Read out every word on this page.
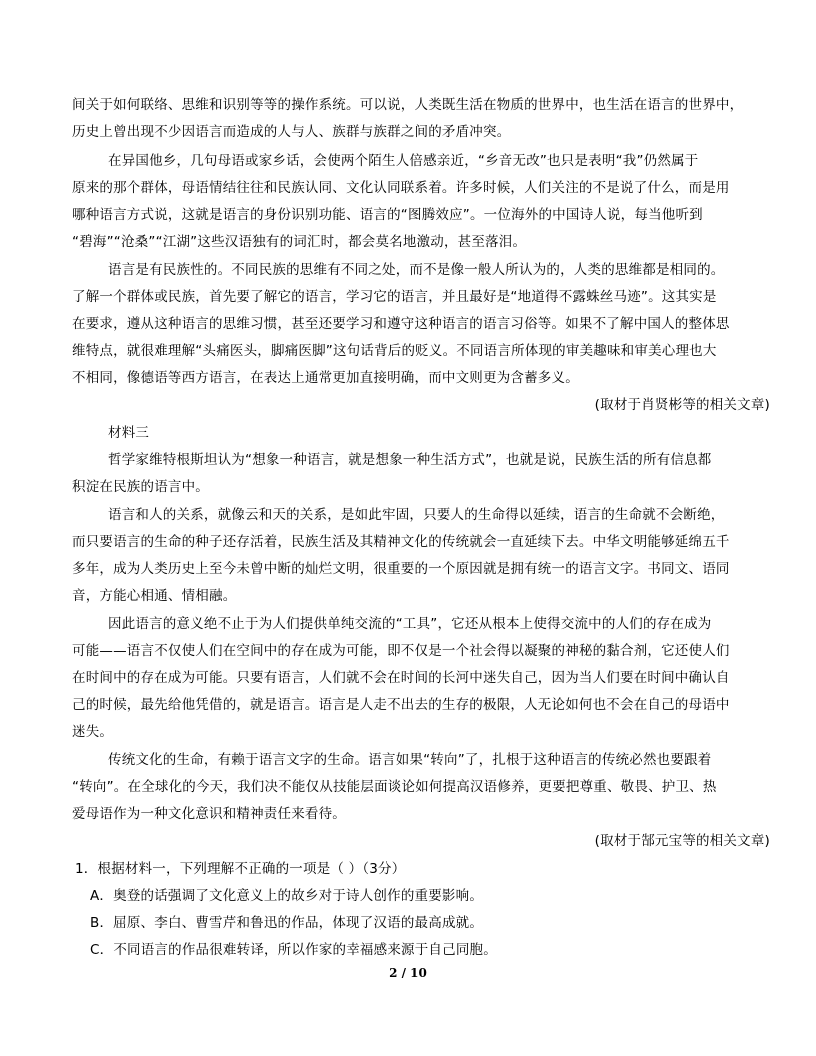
间关于如何联络、思维和识别等等的操作系统。可以说，人类既生活在物质的世界中，也生活在语言的世界中，
历史上曾出现不少因语言而造成的人与人、族群与族群之间的矛盾冲突。
在异国他乡，几句母语或家乡话，会使两个陌生人倍感亲近，“乡音无改”也只是表明“我”仍然属于
原来的那个群体，母语情结往往和民族认同、文化认同联系着。许多时候，人们关注的不是说了什么，而是用
哪种语言方式说，这就是语言的身份识别功能、语言的“图腾效应”。一位海外的中国诗人说，每当他听到
“碧海”“沧桑”“江湖”这些汉语独有的词汇时，都会莫名地激动，甚至落泪。
语言是有民族性的。不同民族的思维有不同之处，而不是像一般人所认为的，人类的思维都是相同的。
了解一个群体或民族，首先要了解它的语言，学习它的语言，并且最好是“地道得不露蛛丝马迹”。这其实是
在要求，遵从这种语言的思维习惯，甚至还要学习和遵守这种语言的语言习俗等。如果不了解中国人的整体思
维特点，就很难理解“头痛医头，脚痛医脚”这句话背后的贬义。不同语言所体现的审美趣味和审美心理也大
不相同，像德语等西方语言，在表达上通常更加直接明确，而中文则更为含蓄多义。
(取材于肖贤彬等的相关文章)
材料三
哲学家维特根斯坦认为“想象一种语言，就是想象一种生活方式”，也就是说，民族生活的所有信息都
积淀在民族的语言中。
语言和人的关系，就像云和天的关系，是如此牢固，只要人的生命得以延续，语言的生命就不会断绝，
而只要语言的生命的种子还存活着，民族生活及其精神文化的传统就会一直延续下去。中华文明能够延绵五千
多年，成为人类历史上至今未曾中断的灿烂文明，很重要的一个原因就是拥有统一的语言文字。书同文、语同
音，方能心相通、情相融。
因此语言的意义绝不止于为人们提供单纯交流的“工具”，它还从根本上使得交流中的人们的存在成为
可能——语言不仅使人们在空间中的存在成为可能，即不仅是一个社会得以凝聚的神秘的黏合剂，它还使人们
在时间中的存在成为可能。只要有语言，人们就不会在时间的长河中迷失自己，因为当人们要在时间中确认自
己的时候，最先给他凭借的，就是语言。语言是人走不出去的生存的极限，人无论如何也不会在自己的母语中
迷失。
传统文化的生命，有赖于语言文字的生命。语言如果“转向”了，扎根于这种语言的传统必然也要跟着
“转向”。在全球化的今天，我们决不能仅从技能层面谈论如何提高汉语修养，更要把尊重、敬畏、护卫、热
爱母语作为一种文化意识和精神责任来看待。
(取材于郜元宝等的相关文章)
1．根据材料一，下列理解不正确的一项是（ ）（3分）
A．奥登的话强调了文化意义上的故乡对于诗人创作的重要影响。
B．屈原、李白、曹雪芹和鲁迅的作品，体现了汉语的最高成就。
C．不同语言的作品很难转译，所以作家的幸福感来源于自己同胞。
2 / 10
